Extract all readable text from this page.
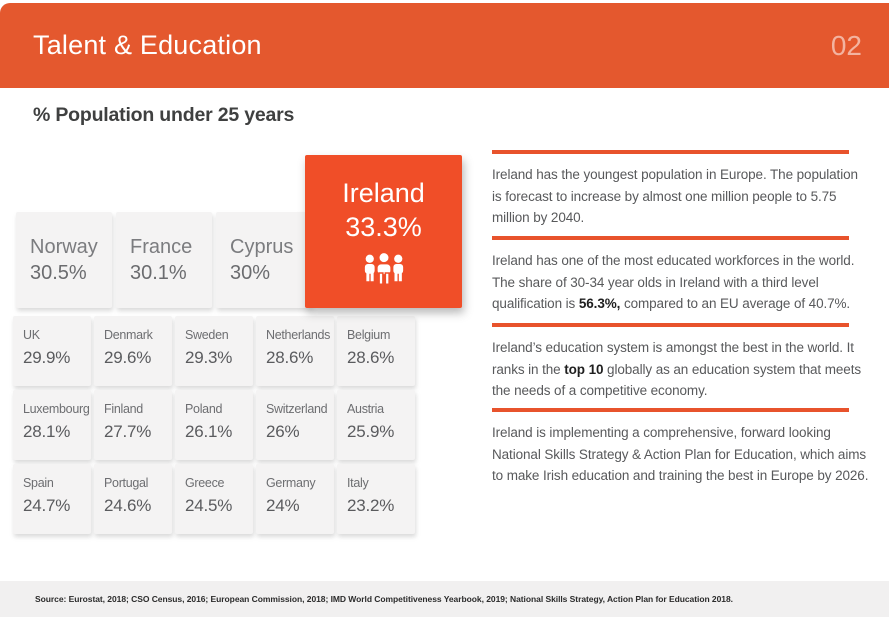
Talent & Education	02
% Population under 25 years
Norway
30.5%
France
30.1%
Cyprus
30%
Ireland
33.3%
UK
29.9%
Denmark
29.6%
Sweden
29.3%
Netherlands
28.6%
Belgium
28.6%
Luxembourg
28.1%
Finland
27.7%
Poland
26.1%
Switzerland
26%
Austria
25.9%
Spain
24.7%
Portugal
24.6%
Greece
24.5%
Germany
24%
Italy
23.2%
Ireland has the youngest population in Europe. The population is forecast to increase by almost one million people to 5.75 million by 2040.
Ireland has one of the most educated workforces in the world. The share of 30-34 year olds in Ireland with a third level qualification is 56.3%, compared to an EU average of 40.7%.
Ireland’s education system is amongst the best in the world. It ranks in the top 10 globally as an education system that meets the needs of a competitive economy.
Ireland is implementing a comprehensive, forward looking National Skills Strategy & Action Plan for Education, which aims to make Irish education and training the best in Europe by 2026.
Source: Eurostat, 2018; CSO Census, 2016; European Commission, 2018; IMD World Competitiveness Yearbook, 2019; National Skills Strategy, Action Plan for Education 2018.
